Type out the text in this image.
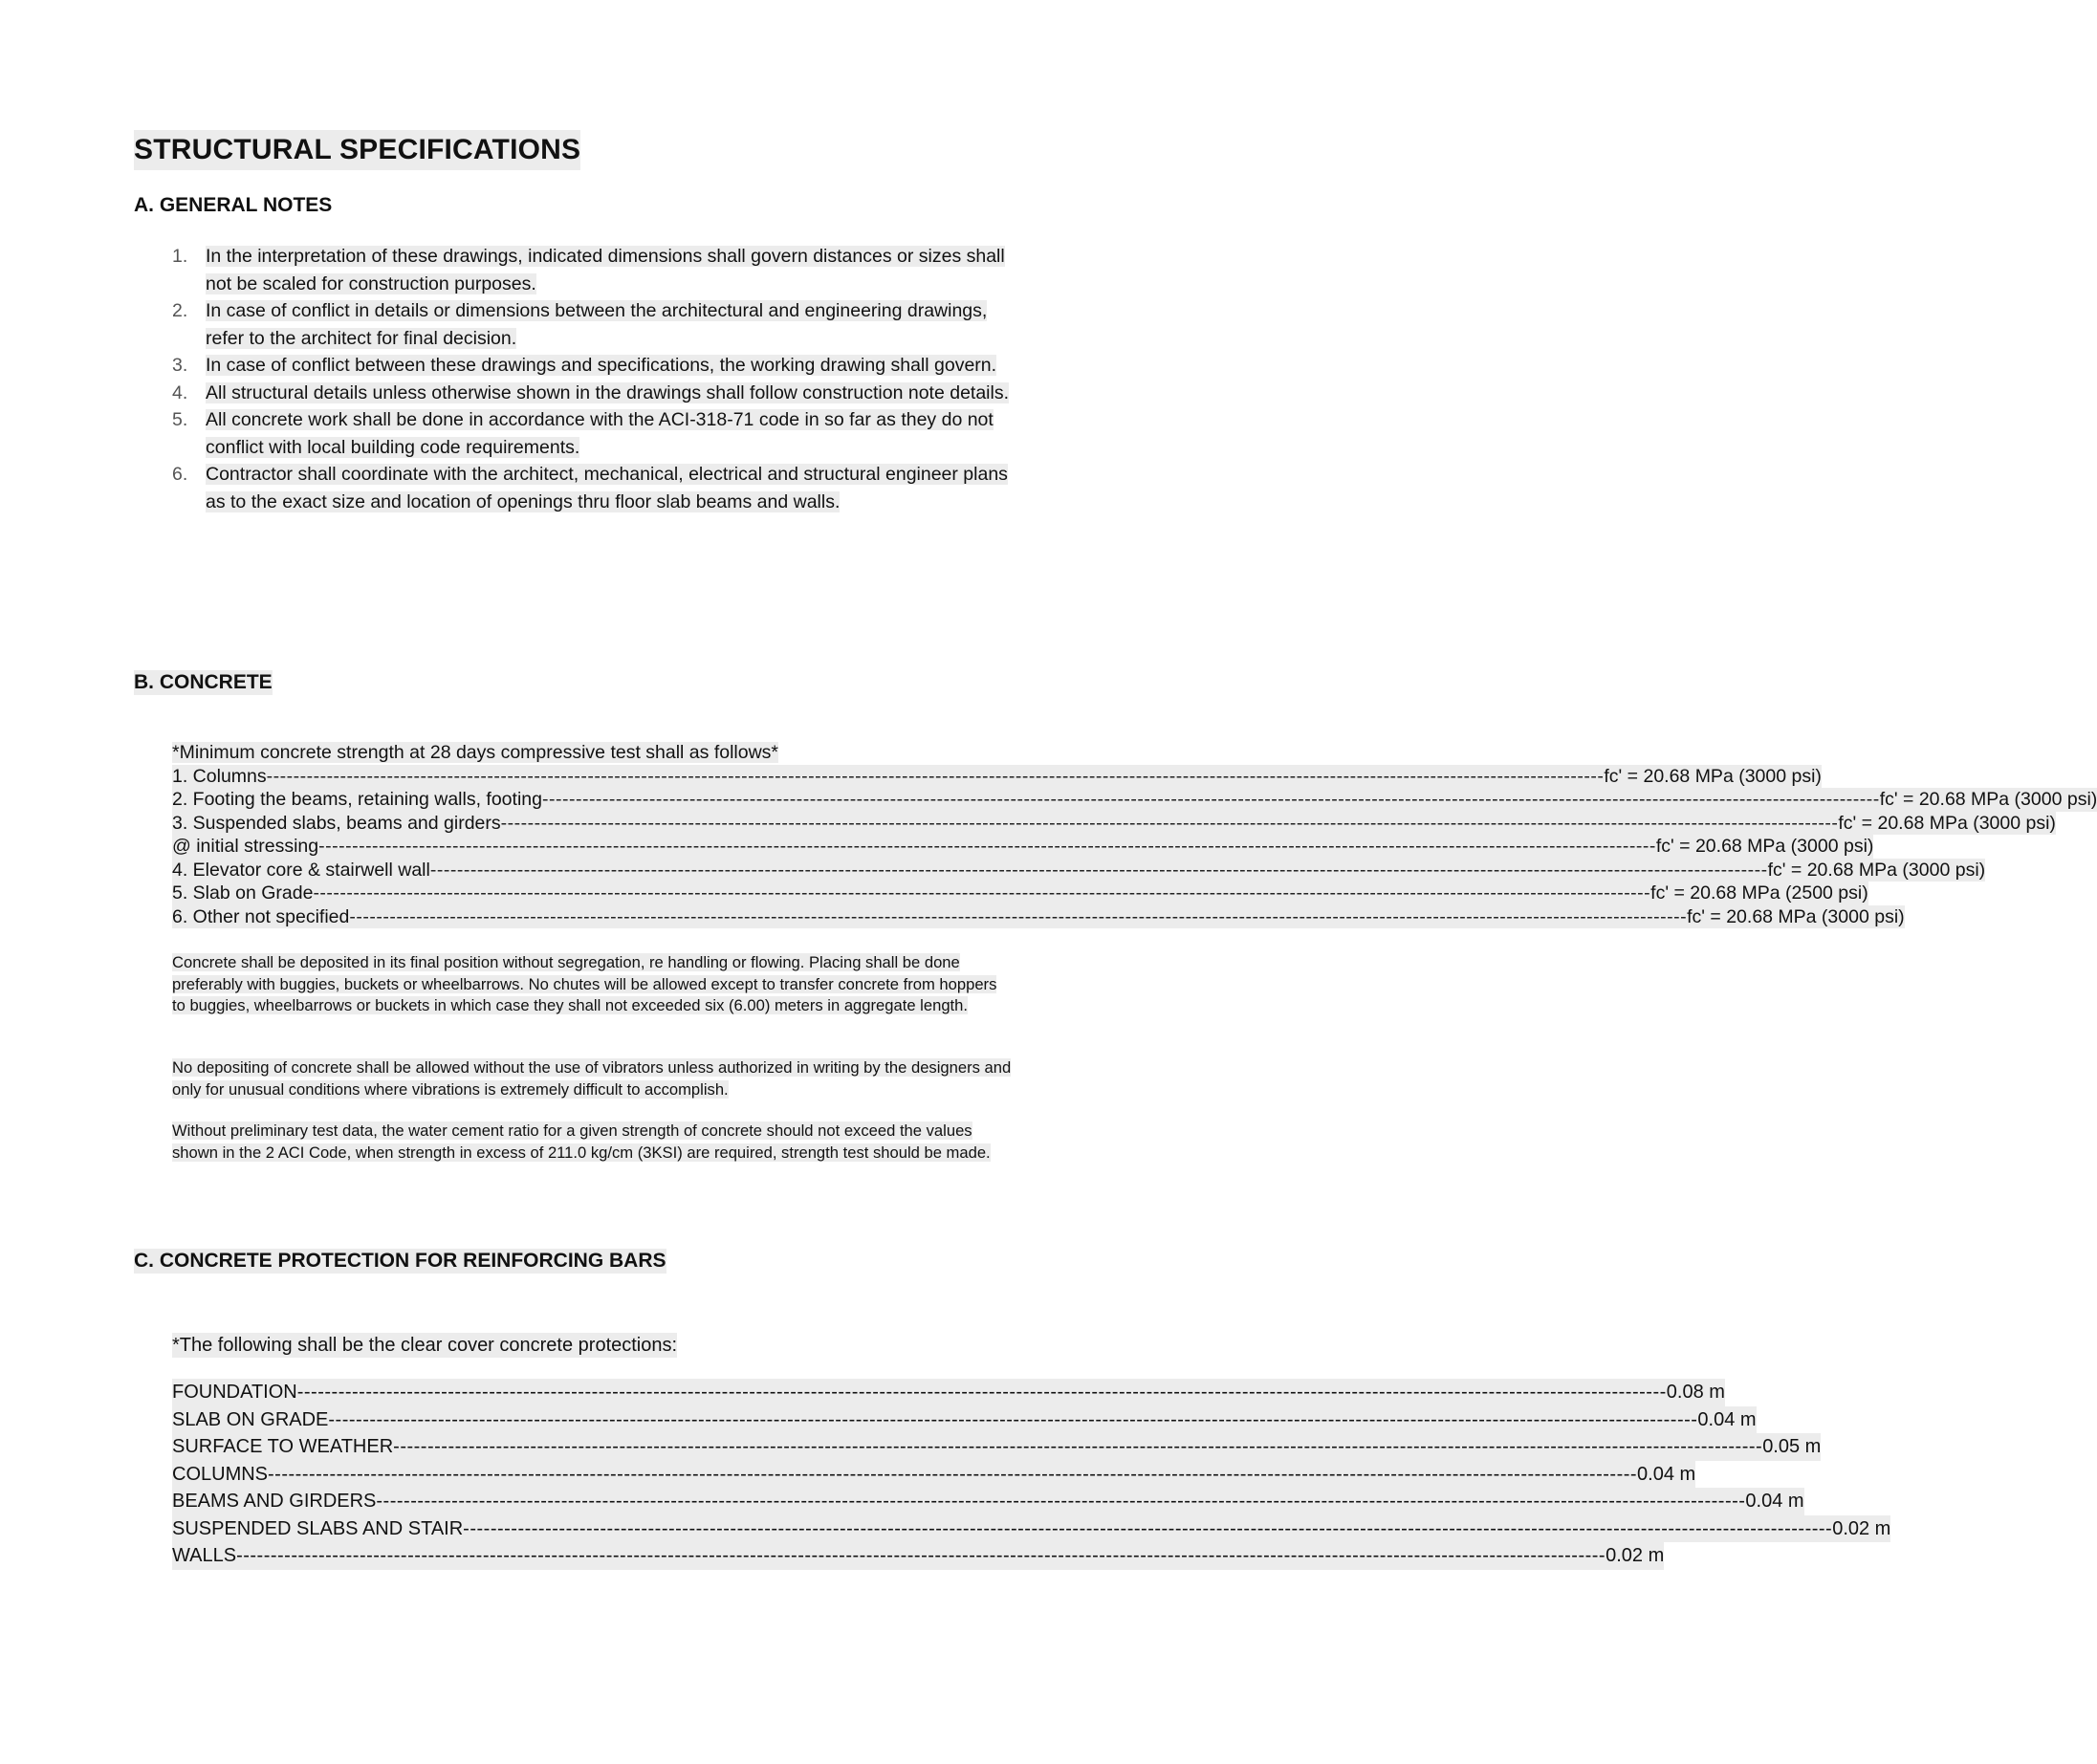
STRUCTURAL SPECIFICATIONS
A. GENERAL NOTES
1. In the interpretation of these drawings, indicated dimensions shall govern distances or sizes shall not be scaled for construction purposes.
2. In case of conflict in details or dimensions between the architectural and engineering drawings, refer to the architect for final decision.
3. In case of conflict between these drawings and specifications, the working drawing shall govern.
4. All structural details unless otherwise shown in the drawings shall follow construction note details.
5. All concrete work shall be done in accordance with the ACI-318-71 code in so far as they do not conflict with local building code requirements.
6. Contractor shall coordinate with the architect, mechanical, electrical and structural engineer plans as to the exact size and location of openings thru floor slab beams and walls.
B. CONCRETE
*Minimum concrete strength at 28 days compressive test shall as follows*
1. Columns -------------------------------------------------------------------------------------------------------------------------------------------------------------------------------------------------------- fc' = 20.68 MPa (3000 psi)
2. Footing the beams, retaining walls, footing -------------------------------------------------------------------------------------------------------------------------------------------------------------------------------------------------------- fc' = 20.68 MPa (3000 psi)
3. Suspended slabs, beams and girders -------------------------------------------------------------------------------------------------------------------------------------------------------------------------------------------------------- fc' = 20.68 MPa (3000 psi)
@ initial stressing -------------------------------------------------------------------------------------------------------------------------------------------------------------------------------------------------------- fc' = 20.68 MPa (3000 psi)
4. Elevator core & stairwell wall -------------------------------------------------------------------------------------------------------------------------------------------------------------------------------------------------------- fc' = 20.68 MPa (3000 psi)
5. Slab on Grade -------------------------------------------------------------------------------------------------------------------------------------------------------------------------------------------------------- fc' = 20.68 MPa (2500 psi)
6. Other not specified -------------------------------------------------------------------------------------------------------------------------------------------------------------------------------------------------------- fc' = 20.68 MPa (3000 psi)
Concrete shall be deposited in its final position without segregation, re handling or flowing. Placing shall be done preferably with buggies, buckets or wheelbarrows. No chutes will be allowed except to transfer concrete from hoppers to buggies, wheelbarrows or buckets in which case they shall not exceeded six (6.00) meters in aggregate length.
No depositing of concrete shall be allowed without the use of vibrators unless authorized in writing by the designers and only for unusual conditions where vibrations is extremely difficult to accomplish.
Without preliminary test data, the water cement ratio for a given strength of concrete should not exceed the values shown in the 2 ACI Code, when strength in excess of 211.0 kg/cm (3KSI) are required, strength test should be made.
C. CONCRETE PROTECTION FOR REINFORCING BARS
*The following shall be the clear cover concrete protections:
FOUNDATION -------------------------------------------------------------------------------------------------------------------------------------------------------------------------------------------------------- 0.08 m
SLAB ON GRADE -------------------------------------------------------------------------------------------------------------------------------------------------------------------------------------------------------- 0.04 m
SURFACE TO WEATHER -------------------------------------------------------------------------------------------------------------------------------------------------------------------------------------------------------- 0.05 m
COLUMNS -------------------------------------------------------------------------------------------------------------------------------------------------------------------------------------------------------- 0.04 m
BEAMS AND GIRDERS -------------------------------------------------------------------------------------------------------------------------------------------------------------------------------------------------------- 0.04 m
SUSPENDED SLABS AND STAIR -------------------------------------------------------------------------------------------------------------------------------------------------------------------------------------------------------- 0.02 m
WALLS -------------------------------------------------------------------------------------------------------------------------------------------------------------------------------------------------------- 0.02 m
